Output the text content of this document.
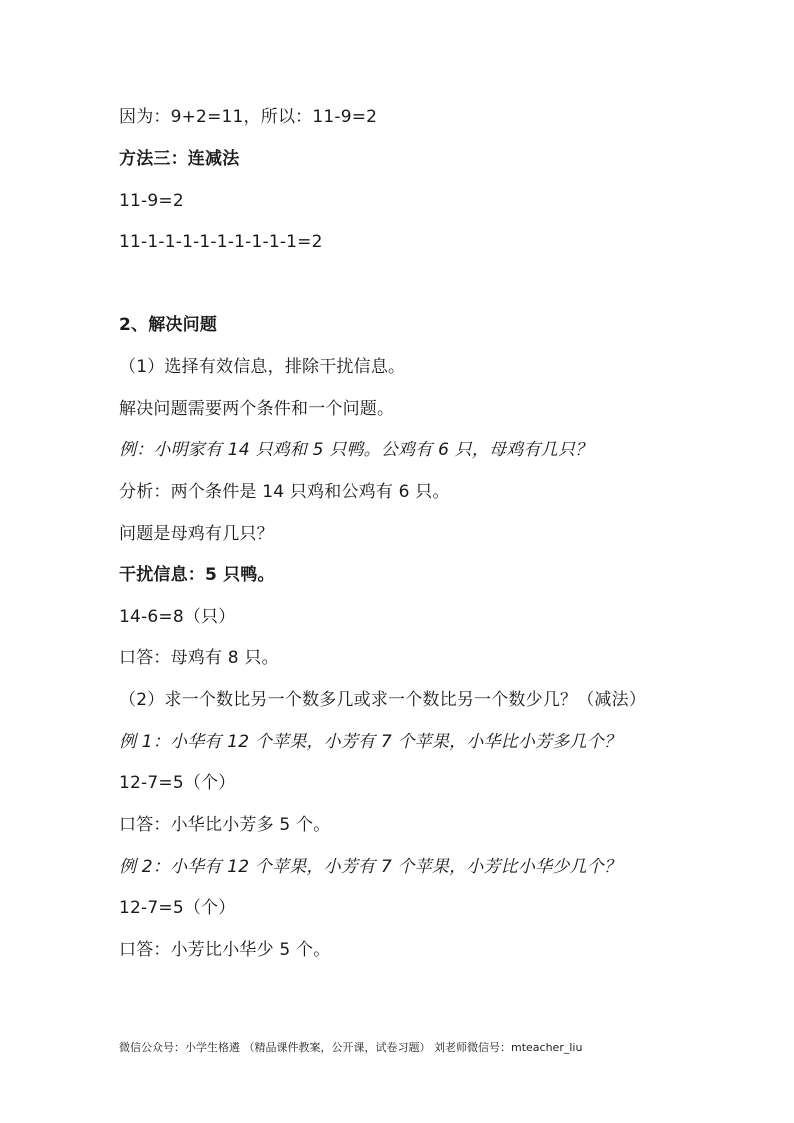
因为：9+2=11，所以：11-9=2
方法三：连减法
11-9=2
11-1-1-1-1-1-1-1-1-1=2
2、解决问题
（1）选择有效信息，排除干扰信息。
解决问题需要两个条件和一个问题。
例：小明家有 14 只鸡和 5 只鸭。公鸡有 6 只，母鸡有几只？
分析：两个条件是 14 只鸡和公鸡有 6 只。
问题是母鸡有几只？
干扰信息：5 只鸭。
14-6=8（只）
口答：母鸡有 8 只。
（2）求一个数比另一个数多几或求一个数比另一个数少几？（减法）
例 1：小华有 12 个苹果，小芳有 7 个苹果，小华比小芳多几个？
12-7=5（个）
口答：小华比小芳多 5 个。
例 2：小华有 12 个苹果，小芳有 7 个苹果，小芳比小华少几个？
12-7=5（个）
口答：小芳比小华少 5 个。
微信公众号：小学生格遴 （精品课件教案，公开课，试卷习题） 刘老师微信号：mteacher_liu
